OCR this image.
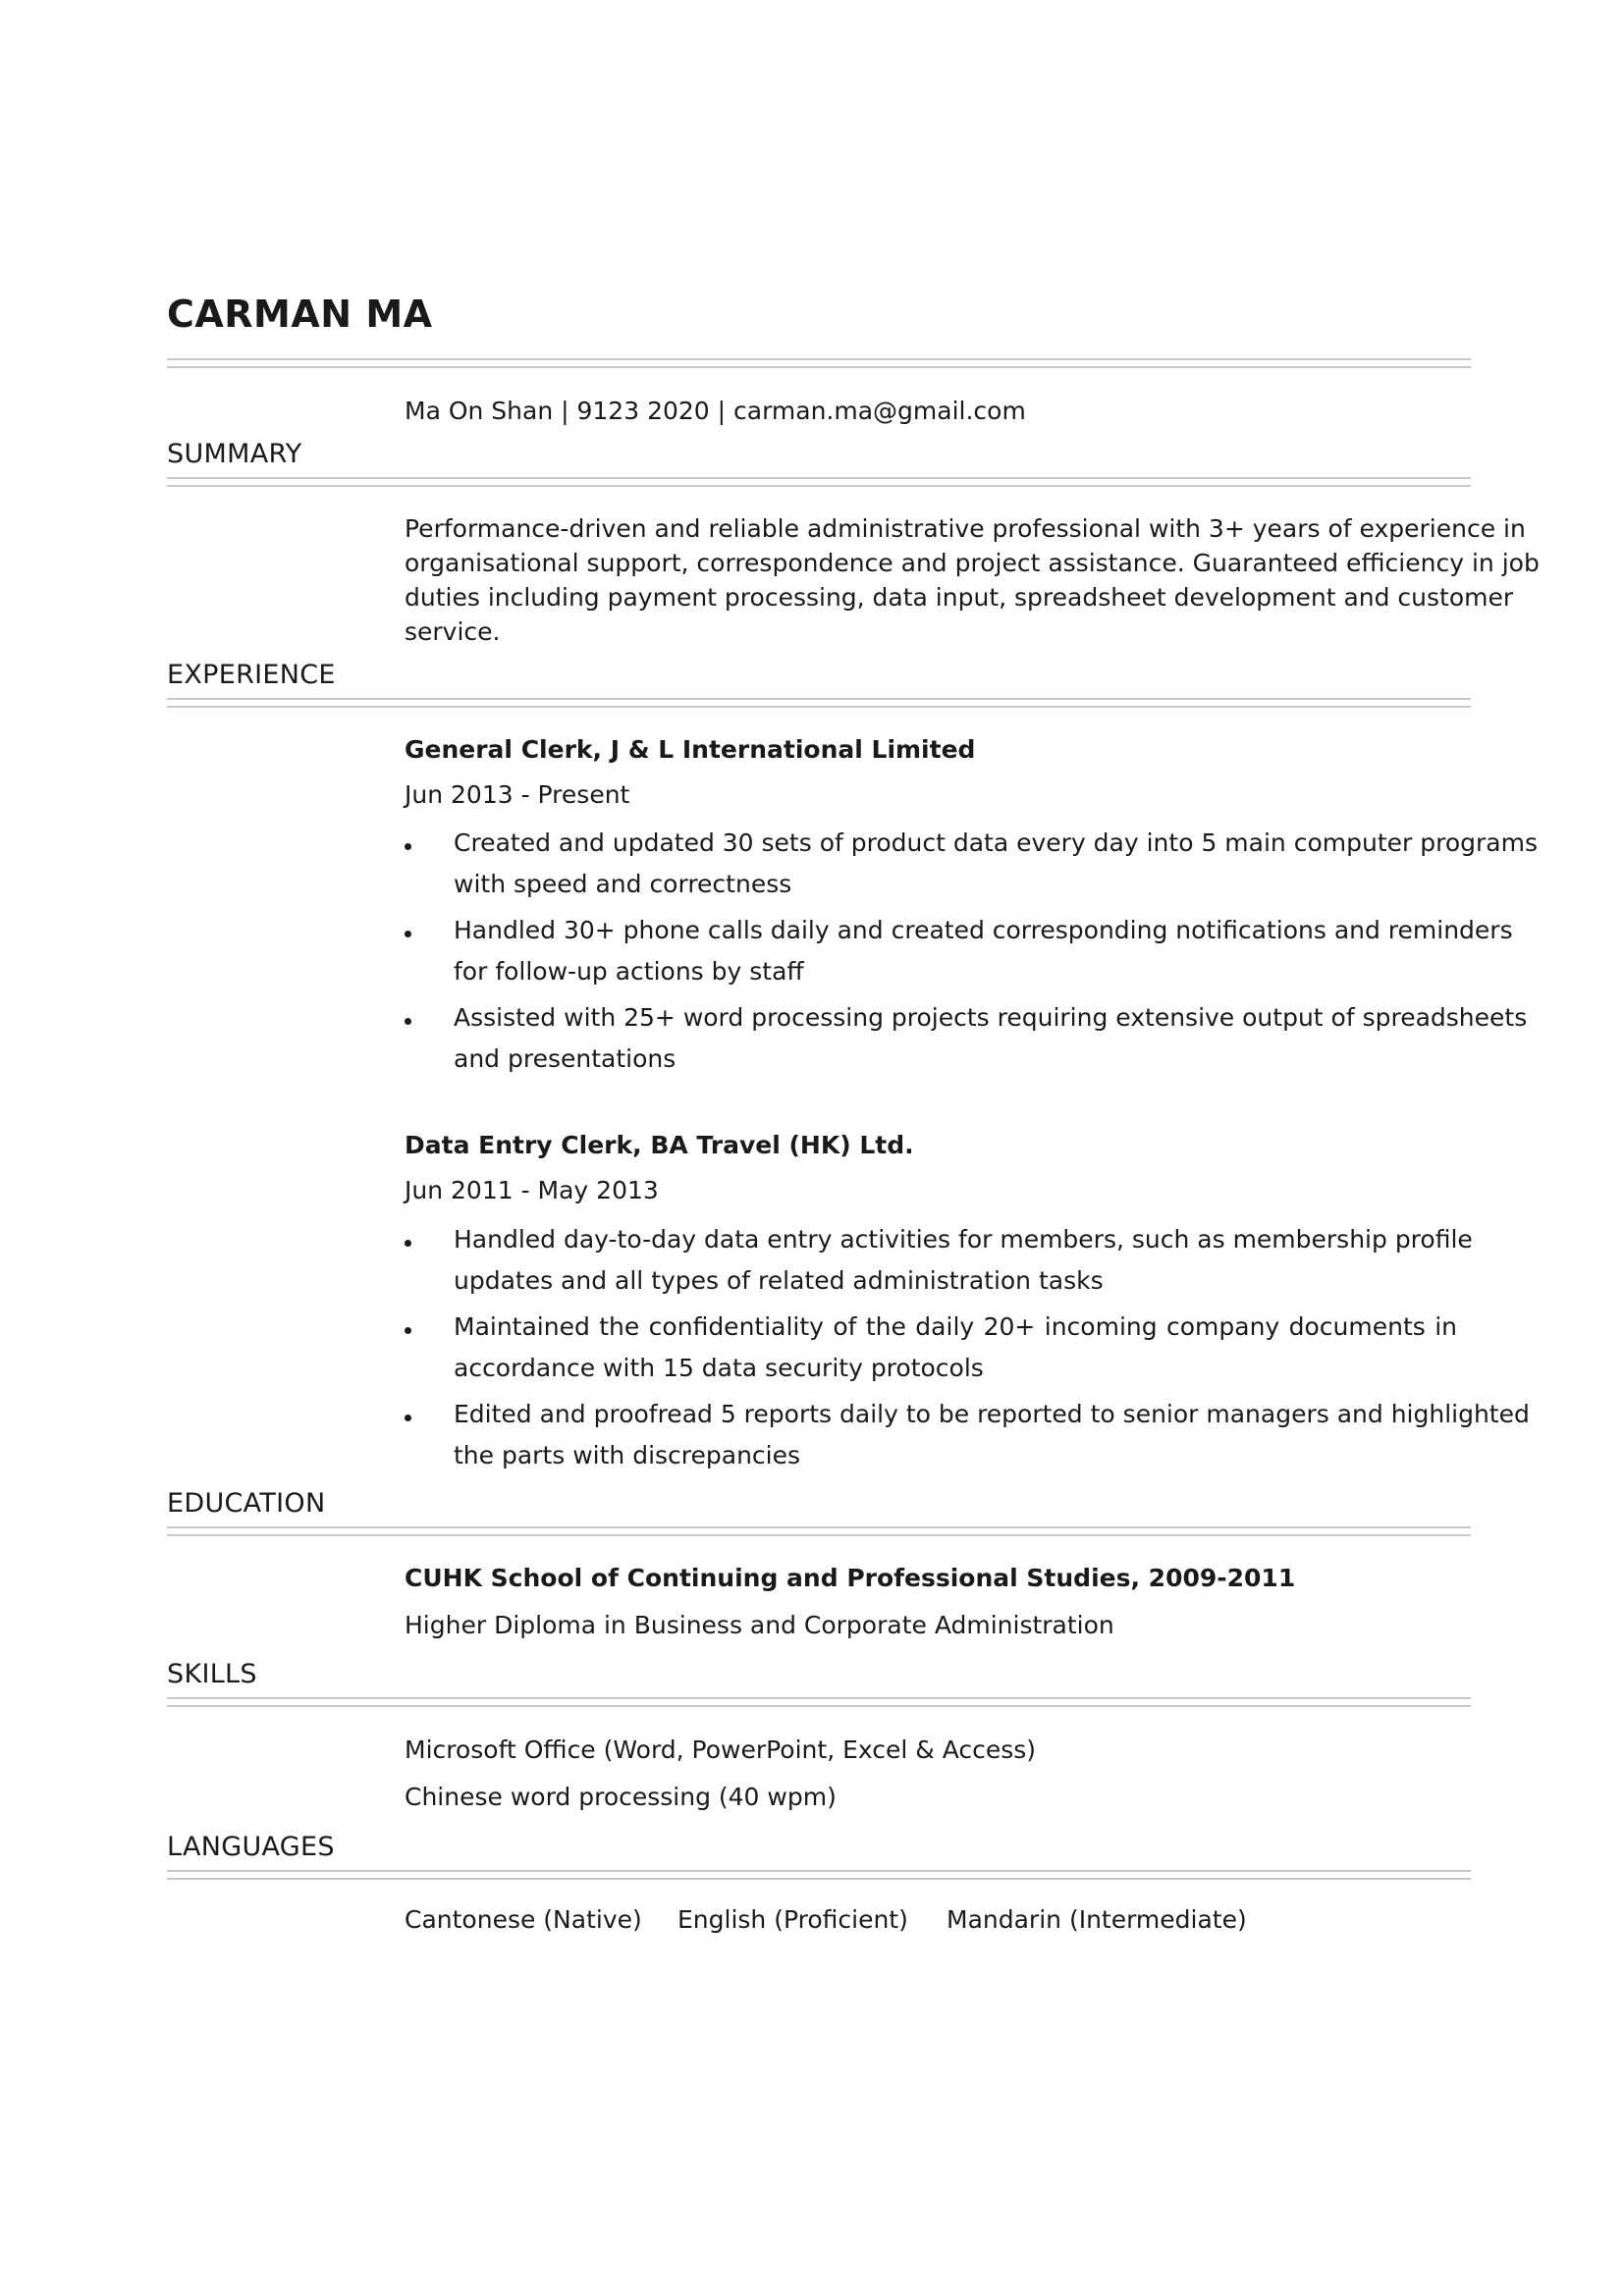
CARMAN MA
Ma On Shan | 9123 2020 | carman.ma@gmail.com
SUMMARY
Performance-driven and reliable administrative professional with 3+ years of experience in
organisational support, correspondence and project assistance. Guaranteed efficiency in job
duties including payment processing, data input, spreadsheet development and customer
service.
EXPERIENCE
General Clerk, J & L International Limited
Jun 2013 - Present
Created and updated 30 sets of product data every day into 5 main computer programs
with speed and correctness
Handled 30+ phone calls daily and created corresponding notifications and reminders
for follow-up actions by staff
Assisted with 25+ word processing projects requiring extensive output of spreadsheets
and presentations
Data Entry Clerk, BA Travel (HK) Ltd.
Jun 2011 - May 2013
Handled day-to-day data entry activities for members, such as membership profile
updates and all types of related administration tasks
Maintained the confidentiality of the daily 20+ incoming company documents in
accordance with 15 data security protocols
Edited and proofread 5 reports daily to be reported to senior managers and highlighted
the parts with discrepancies
EDUCATION
CUHK School of Continuing and Professional Studies, 2009-2011
Higher Diploma in Business and Corporate Administration
SKILLS
Microsoft Office (Word, PowerPoint, Excel & Access)
Chinese word processing (40 wpm)
LANGUAGES
Cantonese (Native) English (Proficient) Mandarin (Intermediate)
